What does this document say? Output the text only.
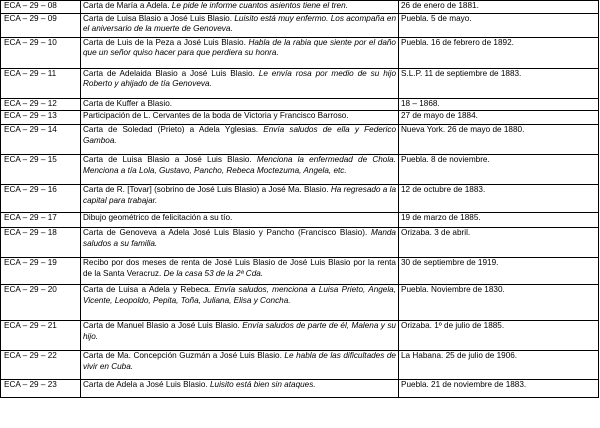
ECA – 29 – 08	Carta de María a Adela. Le pide le informe cuantos asientos tiene el tren.	26 de enero de 1881.
ECA – 29 – 09	Carta de Luisa Blasio a José Luis Blasio. Luisito está muy enfermo. Los acompaña en el aniversario de la muerte de Genoveva.	Puebla. 5 de mayo.
ECA – 29 – 10	Carta de Luis de la Peza a José Luis Blasio. Habla de la rabia que siente por el daño que un señor quiso hacer para que perdiera su honra.	Puebla. 16 de febrero de 1892.
ECA – 29 – 11	Carta de Adelaida Blasio a José Luis Blasio. Le envía rosa por medio de su hijo Roberto y ahijado de tía Genoveva.	S.L.P. 11 de septiembre de 1883.
ECA – 29 – 12	Carta de Kuffer a Blasio.	18 – 1868.
ECA – 29 – 13	Participación de L. Cervantes de la boda de Victoria y Francisco Barroso.	27 de mayo de 1884.
ECA – 29 – 14	Carta de Soledad (Prieto) a Adela Yglesias. Envía saludos de ella y Federico Gamboa.	Nueva York. 26 de mayo de 1880.
ECA – 29 – 15	Carta de Luisa Blasio a José Luis Blasio. Menciona la enfermedad de Chola. Menciona a tía Lola, Gustavo, Pancho, Rebeca Moctezuma, Angela, etc.	Puebla. 8 de noviembre.
ECA – 29 – 16	Carta de R. [Tovar] (sobrino de José Luis Blasio) a José Ma. Blasio. Ha regresado a la capital para trabajar.	12 de octubre de 1883.
ECA – 29 – 17	Dibujo geométrico de felicitación a su tío.	19 de marzo de 1885.
ECA – 29 – 18	Carta de Genoveva a Adela José Luis Blasio y Pancho (Francisco Blasio). Manda saludos a su familia.	Orizaba. 3 de abril.
ECA – 29 – 19	Recibo por dos meses de renta de José Luis Blasio de José Luis Blasio por la renta de la Santa Veracruz. De la casa 53 de la 2ª Cda.	30 de septiembre de 1919.
ECA – 29 – 20	Carta de Luisa a Adela y Rebeca. Envía saludos, menciona a Luisa Prieto, Angela, Vicente, Leopoldo, Pepita, Toña, Juliana, Elisa y Concha.	Puebla. Noviembre de 1830.
ECA – 29 – 21	Carta de Manuel Blasio a José Luis Blasio. Envía saludos de parte de él, Malena y su hijo.	Orizaba. 1º de julio de 1885.
ECA – 29 – 22	Carta de Ma. Concepción Guzmán a José Luis Blasio. Le habla de las dificultades de vivir en Cuba.	La Habana. 25 de julio de 1906.
ECA – 29 – 23	Carta de Adela a José Luis Blasio. Luisito está bien sin ataques.	Puebla. 21 de noviembre de 1883.
